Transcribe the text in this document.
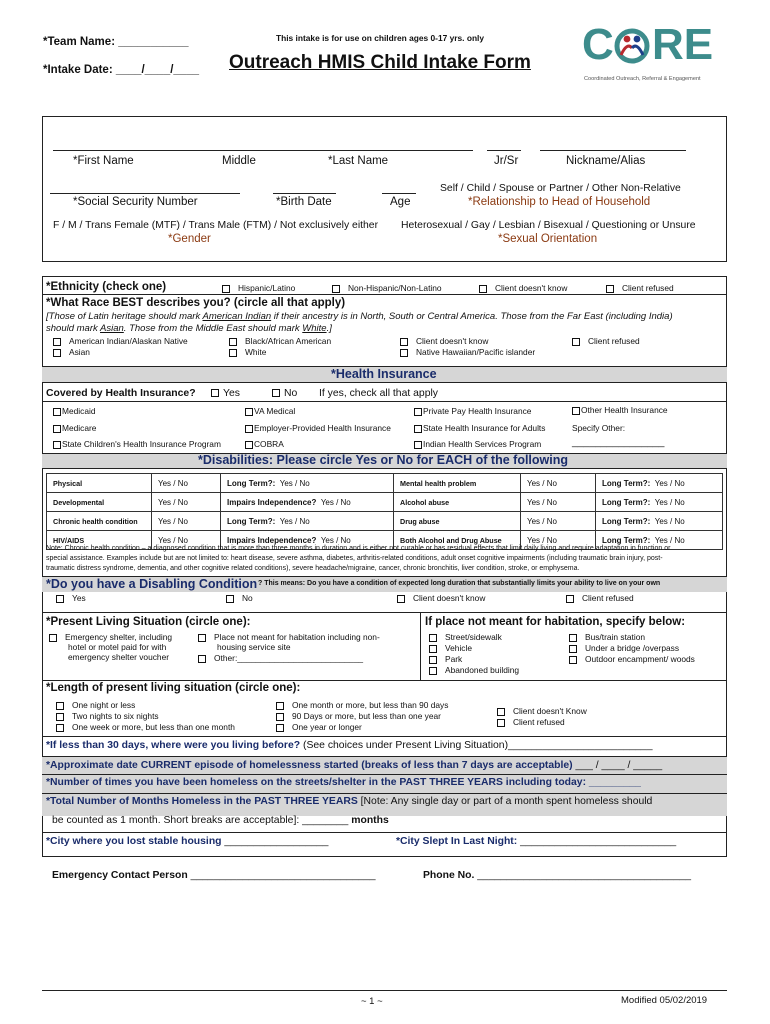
*Team Name: ___________
*Intake Date: ____/____/____
This intake is for use on children ages 0-17 yrs. only
Outreach HMIS Child Intake Form C RE
Coordinated Outreach, Referral & Engagement
*First Name	Middle	*Last Name	Jr/Sr	Nickname/Alias
*Social Security Number	*Birth Date	Age
Self / Child / Spouse or Partner / Other Non-Relative
*Relationship to Head of Household
F / M / Trans Female (MTF) / Trans Male (FTM) / Not exclusively either
*Gender
Heterosexual / Gay / Lesbian / Bisexual / Questioning or Unsure
*Sexual Orientation
*Ethnicity (check one)	Hispanic/Latino	Non-Hispanic/Non-Latino	Client doesn't know	Client refused
*What Race BEST describes you? (circle all that apply)
[Those of Latin heritage should mark American Indian if their ancestry is in North, South or Central America. Those from the Far East (including India)
should mark Asian. Those from the Middle East should mark White.]
American Indian/Alaskan Native
Asian
Black/African American
White
Client doesn't know
Native Hawaiian/Pacific islander
Client refused
*Health Insurance
Covered by Health Insurance?	Yes	No If yes, check all that apply
Medicaid	VA Medical	Private Pay Health Insurance	Other Health Insurance
Medicare	Employer-Provided Health Insurance	State Health Insurance for Adults	Specify Other:
State Children's Health Insurance Program	COBRA	Indian Health Services Program	________________
*Disabilities: Please circle Yes or No for EACH of the following
Physical	Yes / No	Long Term?: Yes / No	Mental health problem	Yes / No	Long Term?: Yes / No
Developmental	Yes / No	Impairs Independence? Yes / No	Alcohol abuse	Yes / No	Long Term?: Yes / No
Chronic health condition	Yes / No	Long Term?: Yes / No	Drug abuse	Yes / No	Long Term?: Yes / No
HIV/AIDS	Yes / No	Impairs Independence? Yes / No	Both Alcohol and Drug Abuse	Yes / No	Long Term?: Yes / No
Note: Chronic health condition – a diagnosed condition that is more than three months in duration and is either not curable or has residual effects that limit daily living and require adaptation in function or
special assistance. Examples include but are not limited to: heart disease, severe asthma, diabetes, arthritis-related conditions, adult onset cognitive impairments (including traumatic brain injury, post-
traumatic distress syndrome, dementia, and other cognitive related conditions), severe headache/migraine, cancer, chronic bronchitis, liver condition, stroke, or emphysema.
*Do you have a Disabling Condition ? This means: Do you have a condition of expected long duration that substantially limits your ability to live on your own
Yes	No	Client doesn't know	Client refused
*Present Living Situation (circle one):
Emergency shelter, including
hotel or motel paid for with
emergency shelter voucher
Place not meant for habitation including non-
housing service site
Other:___________________________
If place not meant for habitation, specify below:
Street/sidewalk
Vehicle
Park
Abandoned building
Bus/train station
Under a bridge /overpass
Outdoor encampment/ woods
*Length of present living situation (circle one):
One night or less
Two nights to six nights
One week or more, but less than one month
One month or more, but less than 90 days
90 Days or more, but less than one year
One year or longer
Client doesn't Know
Client refused
*If less than 30 days, where were you living before? (See choices under Present Living Situation)_________________________
*Approximate date CURRENT episode of homelessness started (breaks of less than 7 days are acceptable) ___ / ____ / _____
*Number of times you have been homeless on the streets/shelter in the PAST THREE YEARS including today: _________
*Total Number of Months Homeless in the PAST THREE YEARS [Note: Any single day or part of a month spent homeless should
be counted as 1 month. Short breaks are acceptable]: ________ months
*City where you lost stable housing __________________	*City Slept In Last Night: ___________________________
Emergency Contact Person ________________________________	Phone No. _____________________________________
~ 1 ~	Modified 05/02/2019
